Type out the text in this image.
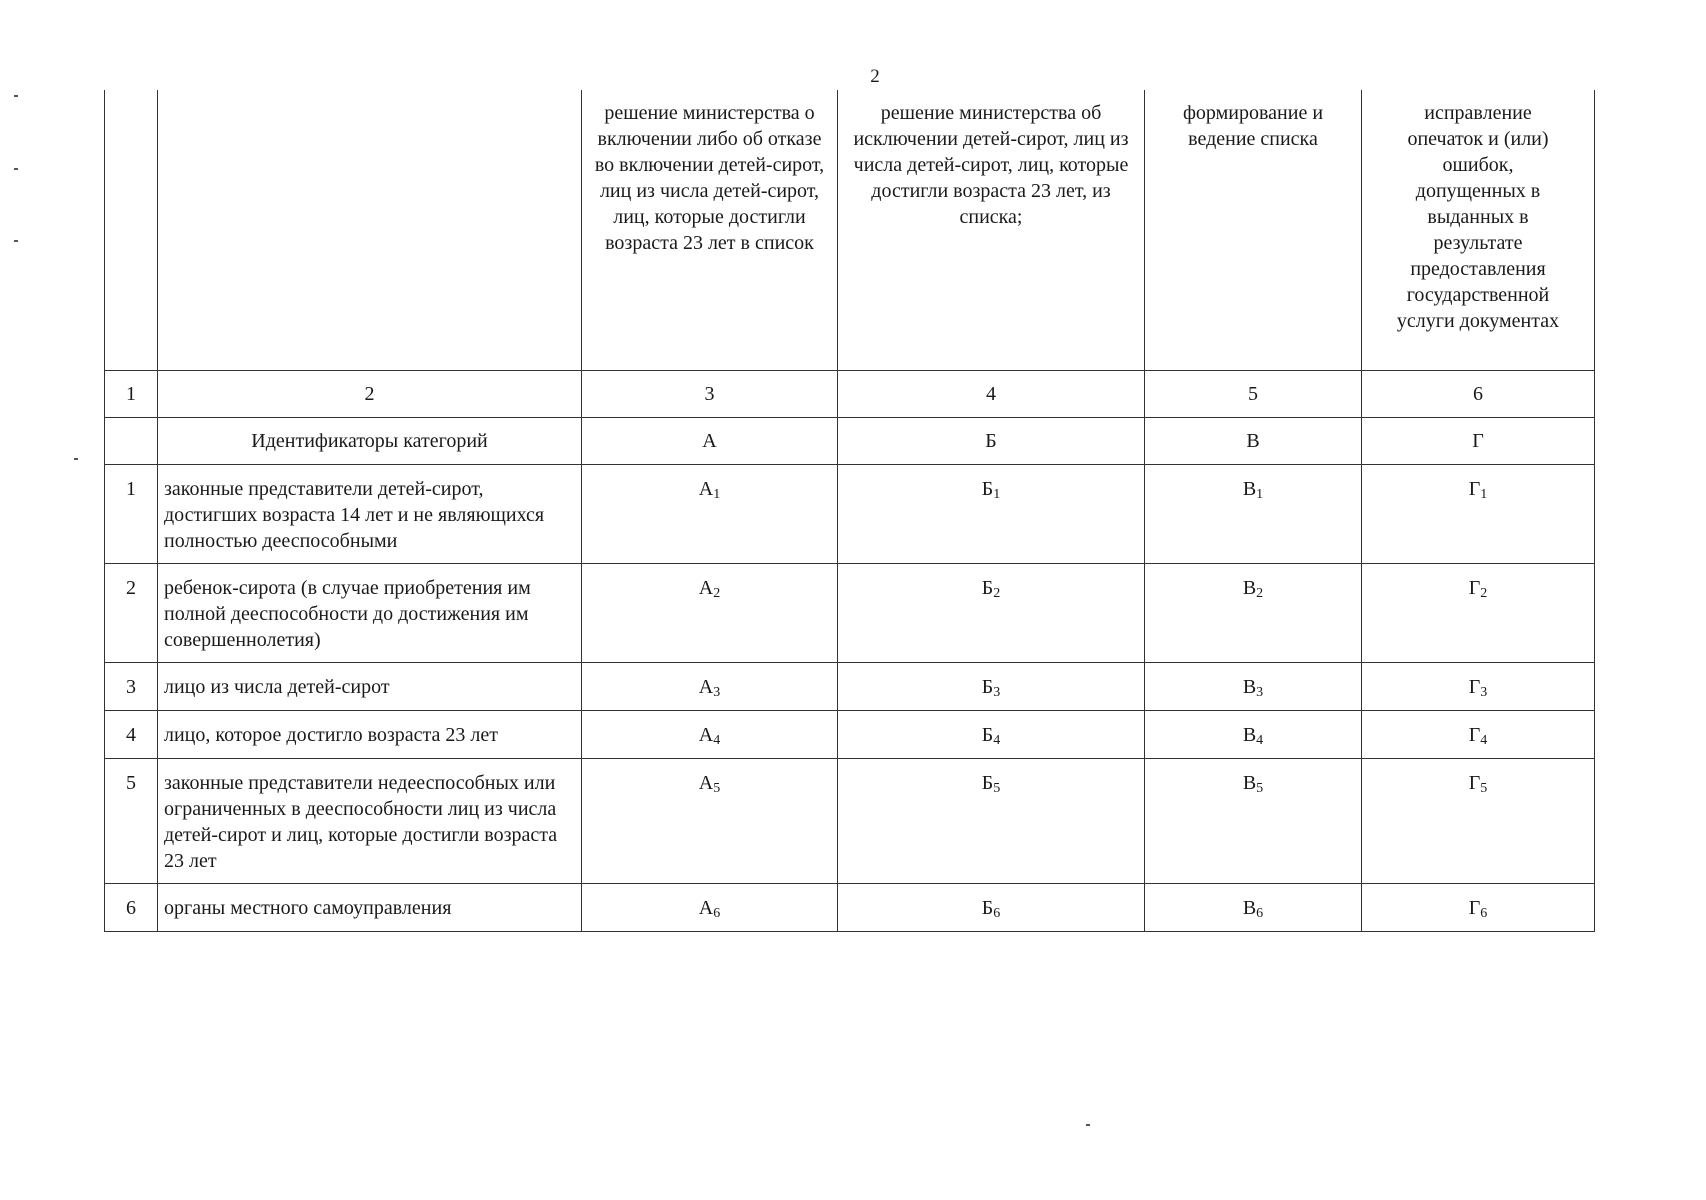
2
		решение министерства о включении либо об отказе во включении детей-сирот, лиц из числа детей-сирот, лиц, которые достигли возраста 23 лет в список	решение министерства об исключении детей-сирот, лиц из числа детей-сирот, лиц, которые достигли возраста 23 лет, из списка;	формирование и ведение списка	исправление опечаток и (или) ошибок, допущенных в выданных в результате предоставления государственной услуги документах
1	2	3	4	5	6
	Идентификаторы категорий	А	Б	В	Г
1	законные представители детей-сирот, достигших возраста 14 лет и не являющихся полностью дееспособными	А1	Б1	В1	Г1
2	ребенок-сирота (в случае приобретения им полной дееспособности до достижения им совершеннолетия)	А2	Б2	В2	Г2
3	лицо из числа детей-сирот	А3	Б3	В3	Г3
4	лицо, которое достигло возраста 23 лет	А4	Б4	В4	Г4
5	законные представители недееспособных или ограниченных в дееспособности лиц из числа детей-сирот и лиц, которые достигли возраста 23 лет	А5	Б5	В5	Г5
6	органы местного самоуправления	А6	Б6	В6	Г6
